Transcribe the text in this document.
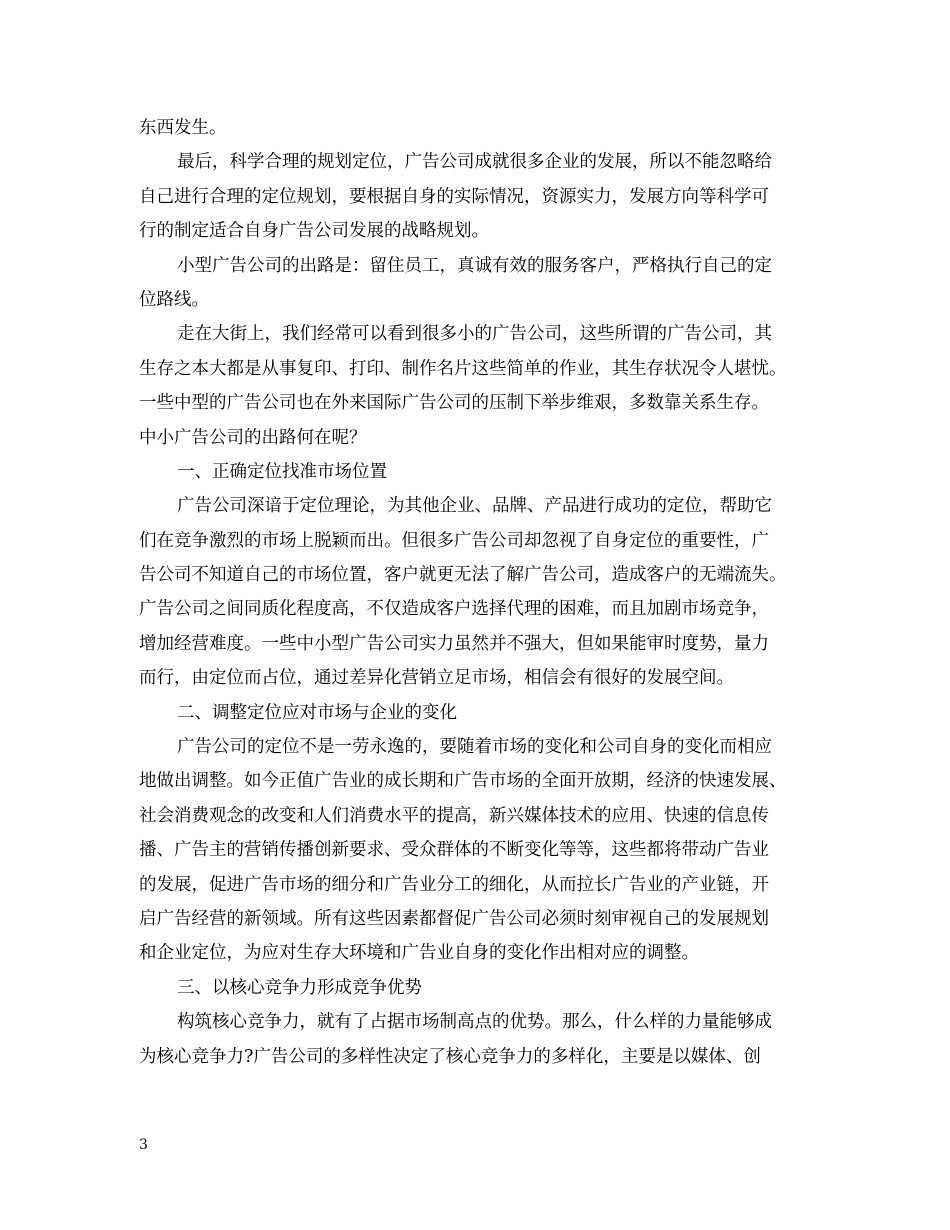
东西发生。
最后，科学合理的规划定位，广告公司成就很多企业的发展，所以不能忽略给
自己进行合理的定位规划，要根据自身的实际情况，资源实力，发展方向等科学可
行的制定适合自身广告公司发展的战略规划。
小型广告公司的出路是：留住员工，真诚有效的服务客户，严格执行自己的定
位路线。
走在大街上，我们经常可以看到很多小的广告公司，这些所谓的广告公司，其
生存之本大都是从事复印、打印、制作名片这些简单的作业，其生存状况令人堪忧。
一些中型的广告公司也在外来国际广告公司的压制下举步维艰，多数靠关系生存。
中小广告公司的出路何在呢？
一、正确定位找准市场位置
广告公司深谙于定位理论，为其他企业、品牌、产品进行成功的定位，帮助它
们在竞争激烈的市场上脱颖而出。但很多广告公司却忽视了自身定位的重要性，广
告公司不知道自己的市场位置，客户就更无法了解广告公司，造成客户的无端流失。
广告公司之间同质化程度高，不仅造成客户选择代理的困难，而且加剧市场竞争，
增加经营难度。一些中小型广告公司实力虽然并不强大，但如果能审时度势，量力
而行，由定位而占位，通过差异化营销立足市场，相信会有很好的发展空间。
二、调整定位应对市场与企业的变化
广告公司的定位不是一劳永逸的，要随着市场的变化和公司自身的变化而相应
地做出调整。如今正值广告业的成长期和广告市场的全面开放期，经济的快速发展、
社会消费观念的改变和人们消费水平的提高，新兴媒体技术的应用、快速的信息传
播、广告主的营销传播创新要求、受众群体的不断变化等等，这些都将带动广告业
的发展，促进广告市场的细分和广告业分工的细化，从而拉长广告业的产业链，开
启广告经营的新领域。所有这些因素都督促广告公司必须时刻审视自己的发展规划
和企业定位，为应对生存大环境和广告业自身的变化作出相对应的调整。
三、以核心竞争力形成竞争优势
构筑核心竞争力，就有了占据市场制高点的优势。那么，什么样的力量能够成
为核心竞争力?广告公司的多样性决定了核心竞争力的多样化，主要是以媒体、创
3
